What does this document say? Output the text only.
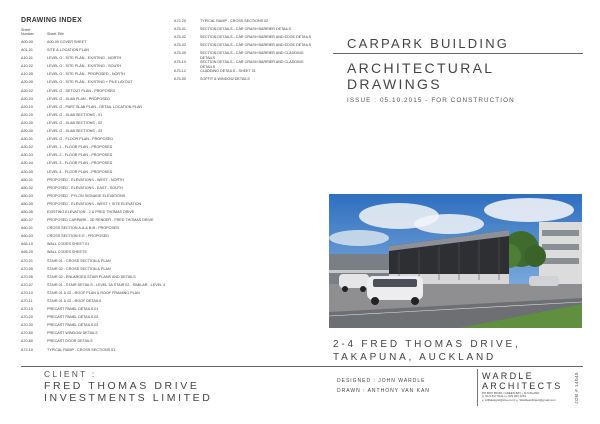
DRAWING INDEX
Sheet Number	Sheet Title
A00-00	A00-00 COVER SHEET
A01-01	SITE & LOCATION PLAN
A10-01	LEVEL G - SITE PLAN - EXISTING - NORTH
A10-02	LEVEL G - SITE PLAN - EXISTING - SOUTH
A10-05	LEVEL G - SITE PLAN - PROPOSED - NORTH
A20-00	LEVEL G - SITE PLAN - EXISTING + PILE LAYOUT
A20-02	LEVEL G - SETOUT PLAN - PROPOSED
A20-03	LEVEL G - SLAB PLAN - PROPOSED
A20-10	LEVEL G - PART SLAB PLAN - DETAIL LOCATION PLAN
A20-20	LEVEL G - SLAB SECTIONS - 01
A20-30	LEVEL G - SLAB SECTIONS - 02
A20-40	LEVEL G - SLAB SECTIONS - 03
A30-01	LEVEL G - FLOOR PLAN - PROPOSED
A30-02	LEVEL 1 - FLOOR PLAN - PROPOSED
A30-03	LEVEL 2 - FLOOR PLAN - PROPOSED
A30-04	LEVEL 3 - FLOOR PLAN - PROPOSED
A30-05	LEVEL 4 - FLOOR PLAN - PROPOSED
A50-01	PROPOSED - ELEVATIONS - WEST - NORTH
A50-02	PROPOSED - ELEVATIONS - EAST - SOUTH
A50-03	PROPOSED - PYLON SIGNAGE ELEVATIONS
A50-05	PROPOSED - ELEVATIONS - WEST + SITE ELEVATION
A50-06	EXISTING ELEVATION - 2 & FRED THOMAS DRIVE
A50-07	PROPOSED CARPARK - 3D RENDER - FRED THOMAS DRIVE
A60-01	CROSS SECTION A-A & B-B - PROPOSED
A60-03	CROSS SECTION E-E - PROPOSED
A65-10	WALL CODES SHEET 01
A65-20	WALL CODES SHEETS
A70-01	STAIR 01 - CROSS SECTION & PLAN
A70-05	STAIR 02 - CROSS SECTION & PLAN
A70-06	STAIR 02 - ENLARGED STAIR PLANS AND DETAILS
A70-07	STAIR 01 - STAIR DETAILS - LEVEL 3A STAIR 02 - SIMILAR - LEVEL 4
A70-10	STAIR 01 & 02 - ROOF PLAN & ROOF FRAMING PLAN
A70-11	STAIR 01 & 02 - ROOF DETAILS
A70-15	PRECAST PANEL DETAILS 01
A70-20	PRECAST PANEL DETAILS 02
A70-30	PRECAST PANEL DETAILS 03
A70-50	PRECAST WINDOW DETAILS
A70-60	PRECAST DOOR DETAILS
A72-10	TYPICAL RAMP - CROSS SECTIONS 01
A72-20	TYPICAL RAMP - CROSS SECTIONS 02
A75-01	SECTION DETAILS - CAR CRASH BARRIER DETAILS
A75-02	SECTION DETAILS - CAR CRASH BARRIER AND EDGE DETAILS
A75-03	SECTION DETAILS - CAR CRASH BARRIER AND EDGE DETAILS
A75-05	SECTION DETAILS - CAR CRASH BARRIER AND CLADDING DETAILS
A75-10	SECTION DETAILS - CAR CRASH BARRIER AND CLADDING DETAILS
A75-12	CLADDING DETAILS - SHEET 01
A75-50	SOFFIT & WINDOW DETAILS
CARPARK BUILDING
ARCHITECTURAL
DRAWINGS
ISSUE : 05.10.2015 - FOR CONSTRUCTION
2-4 FRED THOMAS DRIVE,
TAKAPUNA, AUCKLAND
CLIENT :
FRED THOMAS DRIVE
INVESTMENTS LIMITED
DESIGNED : JOHN WARDLE
DRAWN : ANTHONY VAN KAN
WARDLE
ARCHITECTS
PO BOX 80166 • GREEN BAY • AUCKLAND
p. 64 9 817 8411 m. 029 303 1249
e. AIRdesign2@xtra.co.nz e. Wardlearchitect@gmail.com	JOB # 14045
